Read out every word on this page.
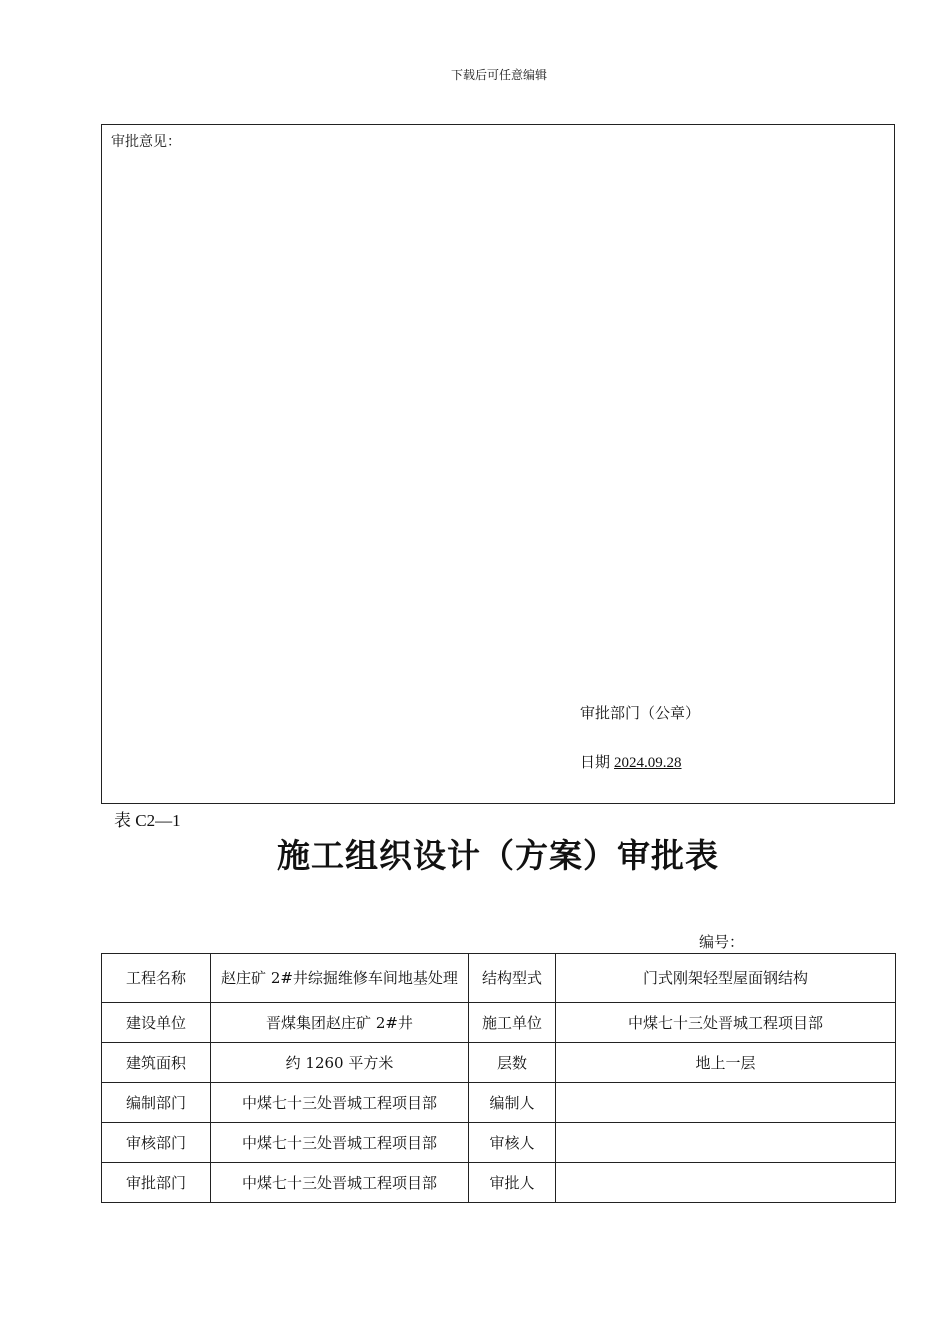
下载后可任意编辑
审批意见：
审批部门（公章）
日期 2024.09.28
表 C2—1
施工组织设计（方案）审批表
编号：
工程名称	赵庄矿 2#井综掘维修车间地基处理	结构型式	门式刚架轻型屋面钢结构
建设单位	晋煤集团赵庄矿 2#井	施工单位	中煤七十三处晋城工程项目部
建筑面积	约 1260 平方米	层数	地上一层
编制部门	中煤七十三处晋城工程项目部	编制人	
审核部门	中煤七十三处晋城工程项目部	审核人	
审批部门	中煤七十三处晋城工程项目部	审批人	
